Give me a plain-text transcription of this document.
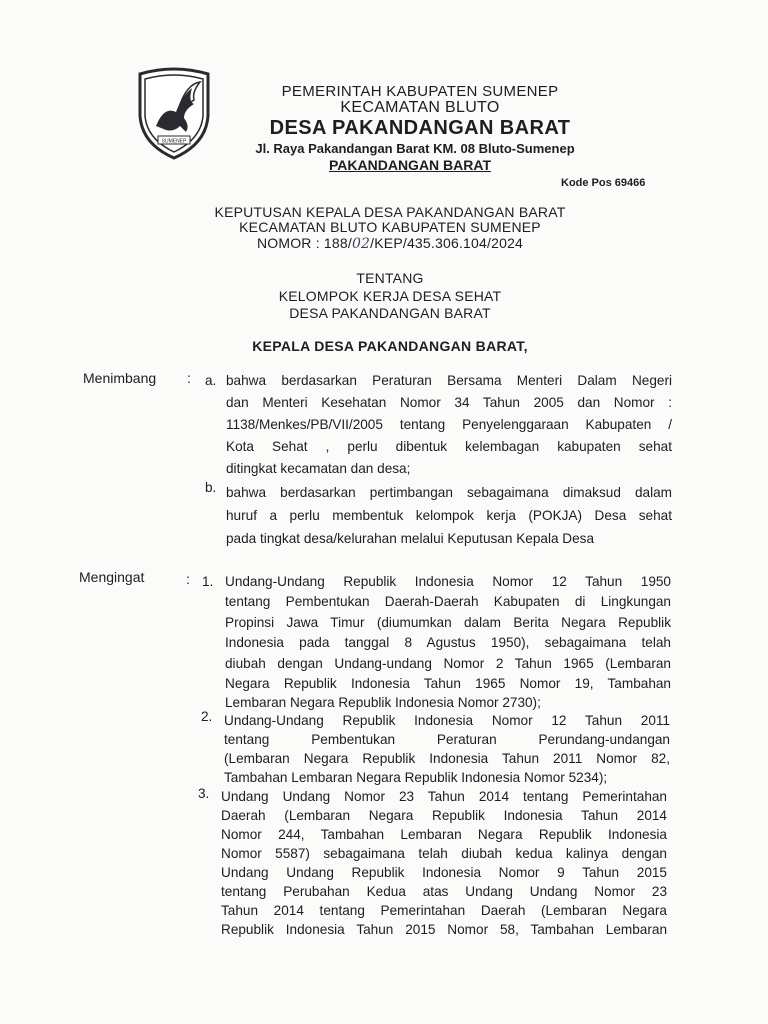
SUMENEP
PEMERINTAH KABUPATEN SUMENEP
KECAMATAN BLUTO
DESA PAKANDANGAN BARAT
Jl. Raya Pakandangan Barat KM. 08 Bluto-Sumenep
PAKANDANGAN BARAT
Kode Pos 69466
KEPUTUSAN KEPALA DESA PAKANDANGAN BARAT
KECAMATAN BLUTO KABUPATEN SUMENEP
NOMOR : 188/02/KEP/435.306.104/2024
TENTANG
KELOMPOK KERJA DESA SEHAT
DESA PAKANDANGAN BARAT
KEPALA DESA PAKANDANGAN BARAT,
Menimbang : a.
b.
bahwa berdasarkan Peraturan Bersama Menteri Dalam Negeri
dan Menteri Kesehatan Nomor 34 Tahun 2005 dan Nomor :
1138/Menkes/PB/VII/2005 tentang Penyelenggaraan Kabupaten /
Kota Sehat , perlu dibentuk kelembagan kabupaten sehat
ditingkat kecamatan dan desa;
bahwa berdasarkan pertimbangan sebagaimana dimaksud dalam
huruf a perlu membentuk kelompok kerja (POKJA) Desa sehat
pada tingkat desa/kelurahan melalui Keputusan Kepala Desa
Mengingat	: 1. Undang-Undang Republik Indonesia Nomor 12 Tahun 1950
tentang Pembentukan Daerah-Daerah Kabupaten di Lingkungan
Propinsi Jawa Timur (diumumkan dalam Berita Negara Republik
Indonesia pada tanggal 8 Agustus 1950), sebagaimana telah
diubah dengan Undang-undang Nomor 2 Tahun 1965 (Lembaran
Negara Republik Indonesia Tahun 1965 Nomor 19, Tambahan
Lembaran Negara Republik Indonesia Nomor 2730);
2. Undang-Undang Republik Indonesia Nomor 12 Tahun 2011
tentang Pembentukan Peraturan Perundang-undangan
(Lembaran Negara Republik Indonesia Tahun 2011 Nomor 82,
Tambahan Lembaran Negara Republik Indonesia Nomor 5234);
3. Undang Undang Nomor 23 Tahun 2014 tentang Pemerintahan
Daerah (Lembaran Negara Republik Indonesia Tahun 2014
Nomor 244, Tambahan Lembaran Negara Republik Indonesia
Nomor 5587) sebagaimana telah diubah kedua kalinya dengan
Undang Undang Republik Indonesia Nomor 9 Tahun 2015
tentang Perubahan Kedua atas Undang Undang Nomor 23
Tahun 2014 tentang Pemerintahan Daerah (Lembaran Negara
Republik Indonesia Tahun 2015 Nomor 58, Tambahan Lembaran
